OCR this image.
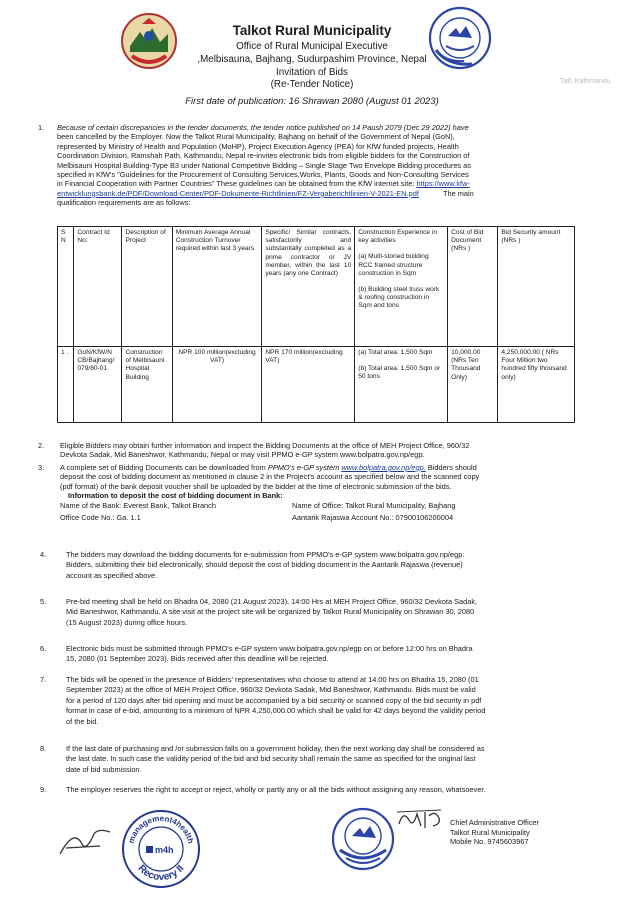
Talt, Kathmandu
Talkot Rural Municipality
Office of Rural Municipal Executive
,Melbisauna, Bajhang, Sudurpashim Province, Nepal
Invitation of Bids
(Re-Tender Notice)
First date of publication: 16 Shrawan 2080 (August 01 2023)
1. Because of certain discrepancies in the tender documents, the tender notice published on 14 Paush 2079 (Dec 29 2022) have
been cancelled by the Employer. Now the Talkot Rural Municipality, Bajhang on behalf of the Government of Nepal (GoN),
represented by Ministry of Health and Population (MoHP), Project Execution Agency (PEA) for KfW funded projects, Health
Coordination Division, Ramshah Path, Kathmandu, Nepal re-invites electronic bids from eligible bidders for the Construction of
Melbisauni Hospital Building-Type B3 under National Competitive Bidding – Single Stage Two Envelope Bidding procedures as
specified in KfW's "Guidelines for the Procurement of Consulting Services,Works, Plants, Goods and Non-Consulting Services
in Financial Cooperation with Partner Countries" These guidelines can be obtained from the KfW internet site: https://www.kfw-
entwicklungsbank.de/PDF/Download-Center/PDF-Dokumente-Richtlinien/FZ-Vergaberichtlinien-V-2021-EN.pdf	The main
qualification requirements are as follows:
S N	Contract Id No:	Description of Project	Minimum Average Annual Construction Turnover required within last 3 years	Specific/ Similar contracts, satisfactorily and substantially completed as a prime contractor or JV member, within the last 10 years (any one Contract)	Construction Experience in key activities
(a) Multi-storied building RCC framed structure construction in Sqm
(b) Building steel truss work & roofing construction in Sqm and tons	Cost of Bid Document (NRs )	Bid Security amount (NRs )
1 .	GoN/KfW/N CB/Bajhang/ 079/80-01	Construction of Melbisauni Hospital Building	NPR 100 million(excluding VAT)	NPR 170 million(excluding VAT)	(a) Total area: 1,500 Sqm
(b) Total area: 1,500 Sqm or 50 tons	10,000.00 (NRs Ten Thousand Only)	4,250,000.00 ( NRs Four Million two hundred fifty thousand only)
2. Eligible Bidders may obtain further information and inspect the Bidding Documents at the office of MEH Project Office, 960/32
Devkota Sadak, Mid Baneshwor, Kathmandu, Nepal or may visit PPMO e-GP system www.bolpatra.gov.np/egp.
3. A complete set of Bidding Documents can be downloaded from PPMO's e-GP system www.bolpatra.gov.np/egp. Bidders should
deposit the cost of bidding document as mentioned in clause 2 in the Project's account as specified below and the scanned copy
(pdf format) of the bank deposit voucher shall be uploaded by the bidder at the time of electronic submission of the bids.
Information to deposit the cost of bidding document in Bank:
Name of the Bank: Everest Bank, Talkot Branch	Name of Office: Talkot Rural Municipality, Bajhang
Office Code No.: Ga. 1.1	Aantarik Rajaswa Account No.: 07900106200004
4.	The bidders may download the bidding documents for e-submission from PPMO's e-GP system www.bolpatra.gov.np/egp.
Bidders, submitting their bid electronically, should deposit the cost of bidding document in the Aantarik Rajaswa (revenue)
account as specified above.
5.	Pre-bid meeting shall be held on Bhadra 04, 2080 (21 August 2023), 14:00 Hrs at MEH Project Office, 960/32 Devkota Sadak,
Mid Baneshwor, Kathmandu. A site visit at the project site will be organized by Talkot Rural Municipality on Shrawan 30, 2080
(15 August 2023) during office hours.
6.	Electronic bids must be submitted through PPMO's e-GP system www.bolpatra.gov.np/egp on or before 12:00 hrs on Bhadra
15, 2080 (01 September 2023). Bids received after this deadline will be rejected.
7.	The bids will be opened in the presence of Bidders' representatives who choose to attend at 14:00 hrs on Bhadra 15, 2080 (01
September 2023) at the office of MEH Project Office, 960/32 Devkota Sadak, Mid Baneshwor, Kathmandu. Bids must be valid
for a period of 120 days after bid opening and must be accompanied by a bid security or scanned copy of the bid security in pdf
format in case of e-bid, amounting to a minimum of NPR 4,250,000.00 which shall be valid for 42 days beyond the validity period
of the bid.
8.	If the last date of purchasing and /or submission falls on a government holiday, then the next working day shall be considered as
the last date. In such case the validity period of the bid and bid security shall remain the same as specified for the original last
date of bid submission.
9.	The employer reserves the right to accept or reject, wholly or partly any or all the bids without assigning any reason, whatsoever.
management4health
Recovery II
m4h
Chief Administrative Officer
Talkot Rural Municipality
Mobile No. 9745603967
